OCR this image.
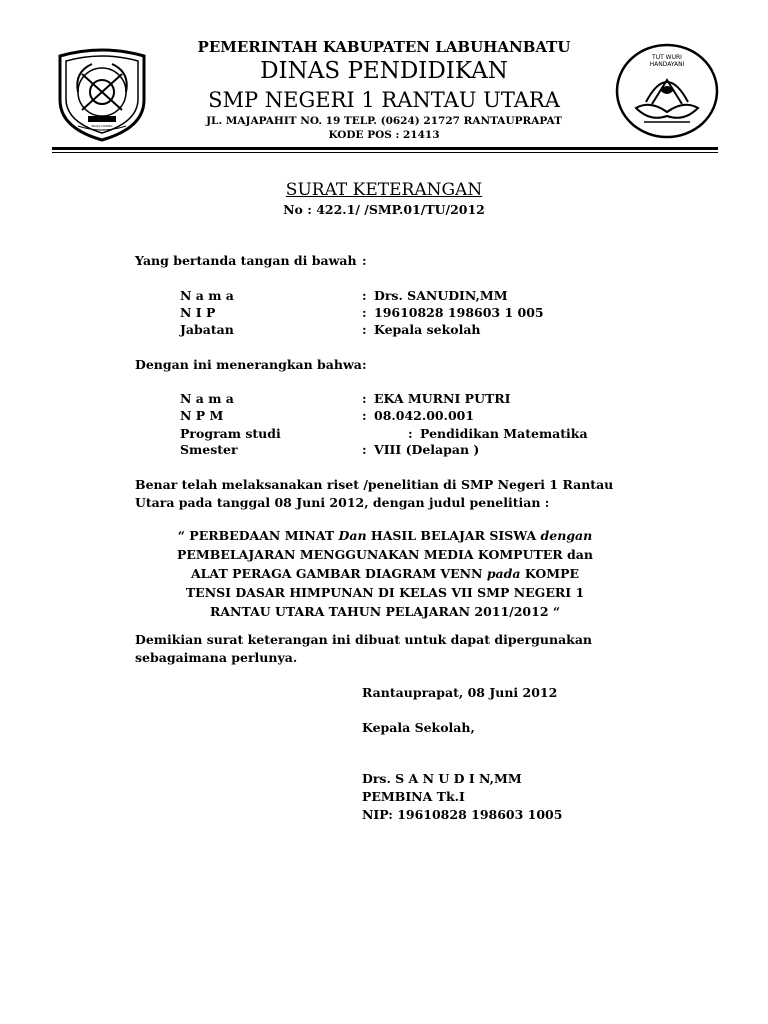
EKAJA DARMA
TUT WURI HANDAYANI
PEMERINTAH KABUPATEN LABUHANBATU
DINAS PENDIDIKAN
SMP NEGERI 1 RANTAU UTARA
JL. MAJAPAHIT NO. 19 TELP. (0624) 21727 RANTAUPRAPAT
KODE POS : 21413
SURAT KETERANGAN
No : 422.1/ /SMP.01/TU/2012
Yang bertanda tangan di bawah :
N a m a	: Drs. SANUDIN,MM
N I P	: 19610828 198603 1 005
Jabatan	: Kepala sekolah
Dengan ini menerangkan bahwa :
N a m a	: EKA MURNI PUTRI
N P M	: 08.042.00.001
Program studi	: Pendidikan Matematika
Smester	: VIII (Delapan )
Benar telah melaksanakan riset /penelitian di SMP Negeri 1 Rantau
Utara pada tanggal 08 Juni 2012, dengan judul penelitian :
“ PERBEDAAN MINAT Dan HASIL BELAJAR SISWA dengan
PEMBELAJARAN MENGGUNAKAN MEDIA KOMPUTER dan
ALAT PERAGA GAMBAR DIAGRAM VENN pada KOMPE
TENSI DASAR HIMPUNAN DI KELAS VII SMP NEGERI 1
RANTAU UTARA TAHUN PELAJARAN 2011/2012 “
Demikian surat keterangan ini dibuat untuk dapat dipergunakan
sebagaimana perlunya.
Rantauprapat, 08 Juni 2012
Kepala Sekolah,
Drs. S A N U D I N,MM
PEMBINA Tk.I
NIP: 19610828 198603 1005
